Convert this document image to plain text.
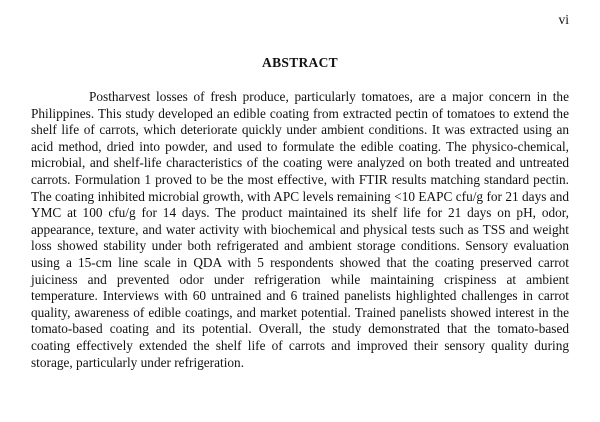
vi
ABSTRACT

Postharvest losses of fresh produce, particularly tomatoes, are a major concern in the Philippines. This study developed an edible coating from extracted pectin of tomatoes to extend the shelf life of carrots, which deteriorate quickly under ambient conditions. It was extracted using an acid method, dried into powder, and used to formulate the edible coating. The physico-chemical, microbial, and shelf-life characteristics of the coating were analyzed on both treated and untreated carrots. Formulation 1 proved to be the most effective, with FTIR results matching standard pectin. The coating inhibited microbial growth, with APC levels remaining <10 EAPC cfu/g for 21 days and YMC at 100 cfu/g for 14 days. The product maintained its shelf life for 21 days on pH, odor, appearance, texture, and water activity with biochemical and physical tests such as TSS and weight loss showed stability under both refrigerated and ambient storage conditions. Sensory evaluation using a 15-cm line scale in QDA with 5 respondents showed that the coating preserved carrot juiciness and prevented odor under refrigeration while maintaining crispiness at ambient temperature. Interviews with 60 untrained and 6 trained panelists highlighted challenges in carrot quality, awareness of edible coatings, and market potential. Trained panelists showed interest in the tomato-based coating and its potential. Overall, the study demonstrated that the tomato-based coating effectively extended the shelf life of carrots and improved their sensory quality during storage, particularly under refrigeration.
